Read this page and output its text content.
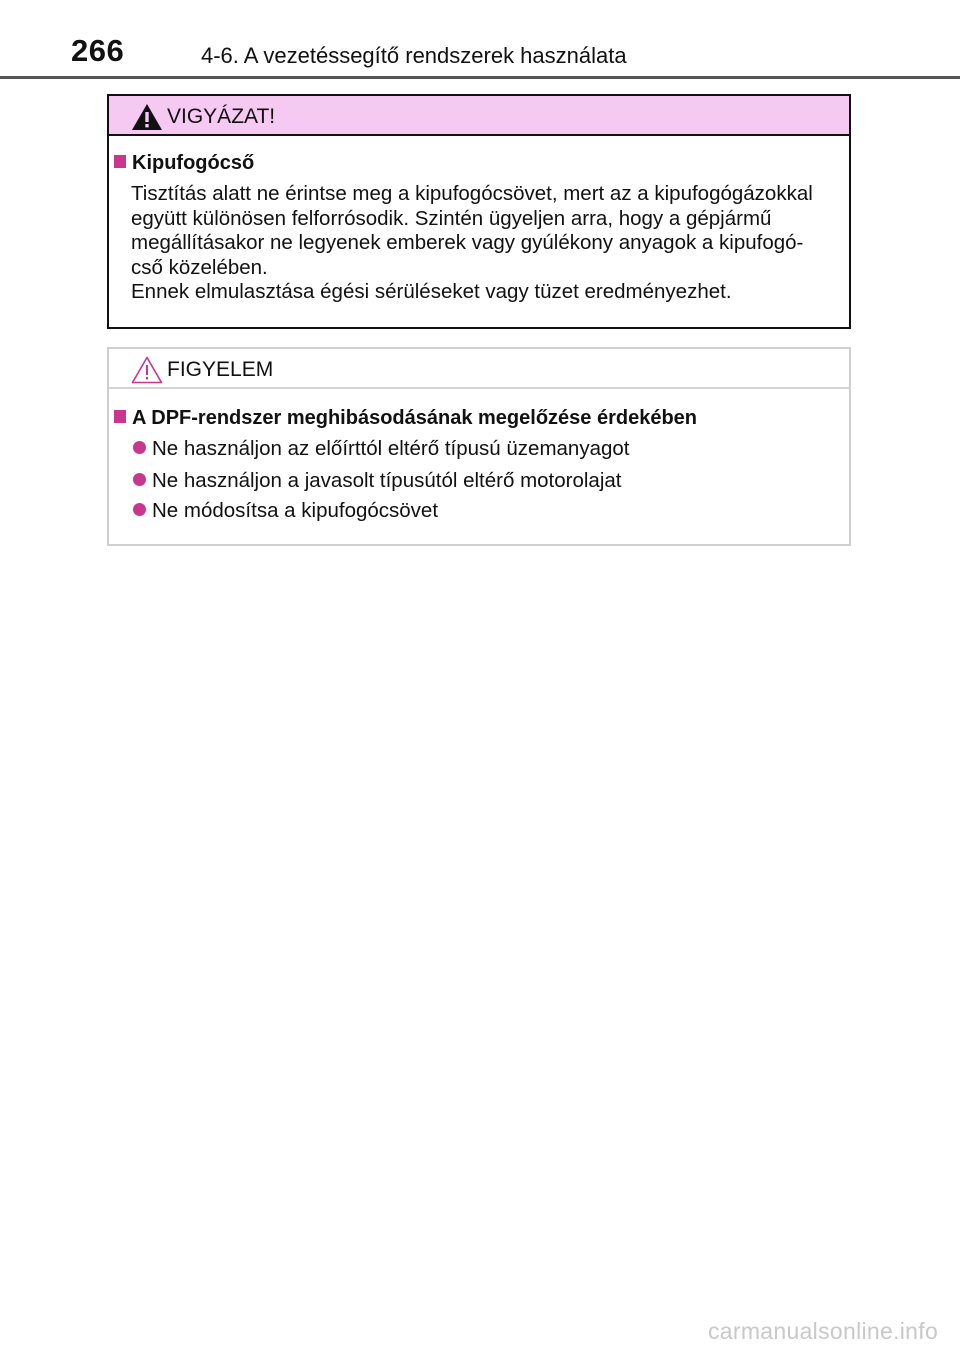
266	4-6. A vezetéssegítő rendszerek használata
VIGYÁZAT!
Kipufogócső
Tisztítás alatt ne érintse meg a kipufogócsövet, mert az a kipufogógázokkal
együtt különösen felforrósodik. Szintén ügyeljen arra, hogy a gépjármű
megállításakor ne legyenek emberek vagy gyúlékony anyagok a kipufogó-
cső közelében.
Ennek elmulasztása égési sérüléseket vagy tüzet eredményezhet.
FIGYELEM
A DPF-rendszer meghibásodásának megelőzése érdekében
Ne használjon az előírttól eltérő típusú üzemanyagot
Ne használjon a javasolt típusútól eltérő motorolajat
Ne módosítsa a kipufogócsövet
carmanualsonline.info
